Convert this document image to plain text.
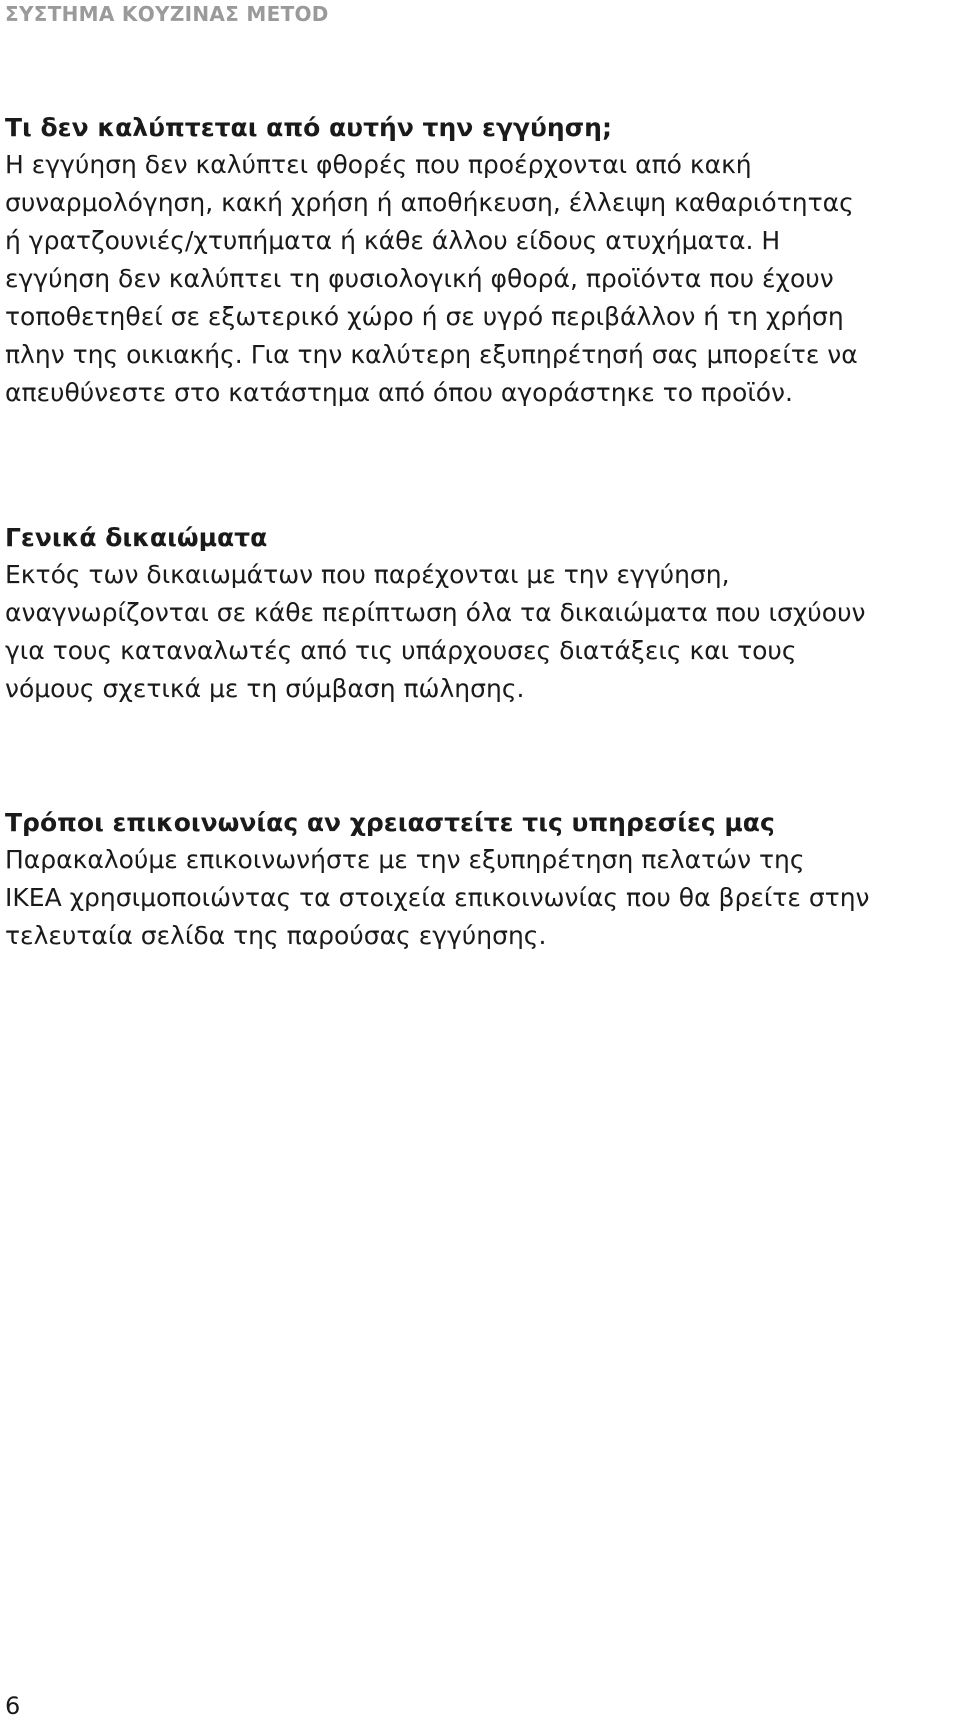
ΣΥΣΤΗΜΑ ΚΟΥΖΙΝΑΣ METOD
Τι δεν καλύπτεται από αυτήν την εγγύηση;
Η εγγύηση δεν καλύπτει φθορές που προέρχονται από κακή
συναρμολόγηση, κακή χρήση ή αποθήκευση, έλλειψη καθαριότητας
ή γρατζουνιές/χτυπήματα ή κάθε άλλου είδους ατυχήματα. Η
εγγύηση δεν καλύπτει τη φυσιολογική φθορά, προϊόντα που έχουν
τοποθετηθεί σε εξωτερικό χώρο ή σε υγρό περιβάλλον ή τη χρήση
πλην της οικιακής. Για την καλύτερη εξυπηρέτησή σας μπορείτε να
απευθύνεστε στο κατάστημα από όπου αγοράστηκε το προϊόν.
Γενικά δικαιώματα
Εκτός των δικαιωμάτων που παρέχονται με την εγγύηση,
αναγνωρίζονται σε κάθε περίπτωση όλα τα δικαιώματα που ισχύουν
για τους καταναλωτές από τις υπάρχουσες διατάξεις και τους
νόμους σχετικά με τη σύμβαση πώλησης.
Τρόποι επικοινωνίας αν χρειαστείτε τις υπηρεσίες μας
Παρακαλούμε επικοινωνήστε με την εξυπηρέτηση πελατών της
IKEA χρησιμοποιώντας τα στοιχεία επικοινωνίας που θα βρείτε στην
τελευταία σελίδα της παρούσας εγγύησης.
6
